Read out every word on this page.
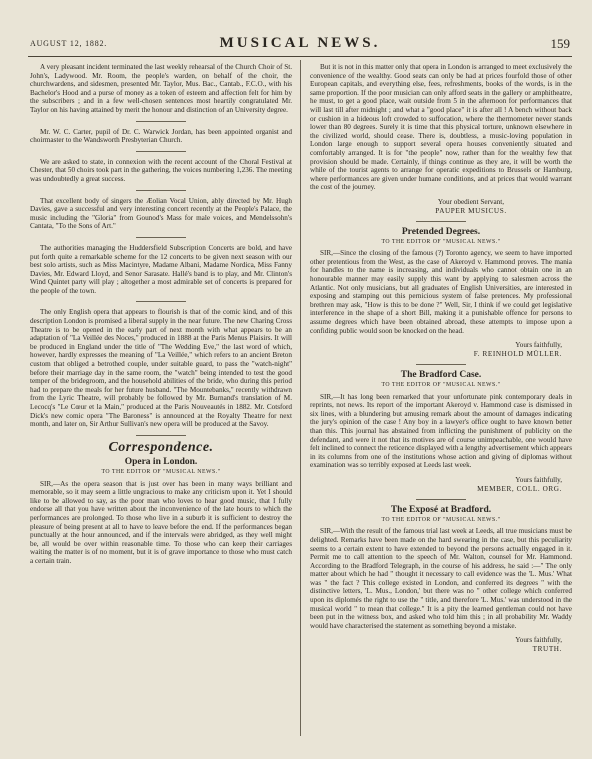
AUGUST 12, 1882.	MUSICAL NEWS.	159

A very pleasant incident terminated the last weekly rehearsal of the Church Choir of St. John's, Ladywood. Mr. Room, the people's warden, on behalf of the choir, the churchwardens, and sidesmen, presented Mr. Taylor, Mus. Bac., Cantab., F.C.O., with his Bachelor's Hood and a purse of money as a token of esteem and affection felt for him by the subscribers ; and in a few well-chosen sentences most heartily congratulated Mr. Taylor on his having attained by merit the honour and distinction of an University degree.

Mr. W. C. Carter, pupil of Dr. C. Warwick Jordan, has been appointed organist and choirmaster to the Wandsworth Presbyterian Church.

We are asked to state, in connexion with the recent account of the Choral Festival at Chester, that 50 choirs took part in the gathering, the voices numbering 1,236. The meeting was undoubtedly a great success.

That excellent body of singers the Æolian Vocal Union, ably directed by Mr. Hugh Davies, gave a successful and very interesting concert recently at the People's Palace, the music including the "Gloria" from Gounod's Mass for male voices, and Mendelssohn's Cantata, "To the Sons of Art."

The authorities managing the Huddersfield Subscription Concerts are bold, and have put forth quite a remarkable scheme for the 12 concerts to be given next season with our best solo artists, such as Miss Macintyre, Madame Albani, Madame Nordica, Miss Fanny Davies, Mr. Edward Lloyd, and Senor Sarasate. Hallé's band is to play, and Mr. Clinton's Wind Quintet party will play ; altogether a most admirable set of concerts is prepared for the people of the town.

The only English opera that appears to flourish is that of the comic kind, and of this description London is promised a liberal supply in the near future. The new Charing Cross Theatre is to be opened in the early part of next month with what appears to be an adaptation of "La Veillée des Noces," produced in 1888 at the Paris Menus Plaisirs. It will be produced in England under the title of "The Wedding Eve," the last word of which, however, hardly expresses the meaning of "La Veillée," which refers to an ancient Breton custom that obliged a betrothed couple, under suitable guard, to pass the "watch-night" before their marriage day in the same room, the "watch" being intended to test the good temper of the bridegroom, and the household abilities of the bride, who during this period had to prepare the meals for her future husband. "The Mountebanks," recently withdrawn from the Lyric Theatre, will probably be followed by Mr. Burnand's translation of M. Lecocq's "Le Cœur et la Main," produced at the Paris Nouveautés in 1882. Mr. Cotsford Dick's new comic opera "The Baroness" is announced at the Royalty Theatre for next month, and later on, Sir Arthur Sullivan's new opera will be produced at the Savoy.

Correspondence.
Opera in London.
TO THE EDITOR OF "MUSICAL NEWS."

SIR,—As the opera season that is just over has been in many ways brilliant and memorable, so it may seem a little ungracious to make any criticism upon it. Yet I should like to be allowed to say, as the poor man who loves to hear good music, that I fully endorse all that you have written about the inconvenience of the late hours to which the performances are prolonged. To those who live in a suburb it is sufficient to destroy the pleasure of being present at all to have to leave before the end. If the performances began punctually at the hour announced, and if the intervals were abridged, as they well might be, all would be over within reasonable time. To those who can keep their carriages waiting the matter is of no moment, but it is of grave importance to those who must catch a certain train.

But it is not in this matter only that opera in London is arranged to meet exclusively the convenience of the wealthy. Good seats can only be had at prices fourfold those of other European capitals, and everything else, fees, refreshments, books of the words, is in the same proportion. If the poor musician can only afford seats in the gallery or amphitheatre, he must, to get a good place, wait outside from 5 in the afternoon for performances that will last till after midnight ; and what a "good place" it is after all ! A bench without back or cushion in a hideous loft crowded to suffocation, where the thermometer never stands lower than 80 degrees. Surely it is time that this physical torture, unknown elsewhere in the civilized world, should cease. There is, doubtless, a music-loving population in London large enough to support several opera houses conveniently situated and comfortably arranged. It is for "the people" now, rather than for the wealthy few that provision should be made. Certainly, if things continue as they are, it will be worth the while of the tourist agents to arrange for operatic expeditions to Brussels or Hamburg, where performances are given under humane conditions, and at prices that would warrant the cost of the journey.

Your obedient Servant,
PAUPER MUSICUS.
Pretended Degrees.
TO THE EDITOR OF "MUSICAL NEWS."

SIR,—Since the closing of the famous (?) Toronto agency, we seem to have imported other pretentious from the West, as the case of Akeroyd v. Hammond proves. The mania for handles to the name is increasing, and individuals who cannot obtain one in an honourable manner may easily supply this want by applying to salesmen across the Atlantic. Not only musicians, but all graduates of English Universities, are interested in exposing and stamping out this pernicious system of false pretences. My professional brethren may ask, "How is this to be done ?" Well, Sir, I think if we could get legislative interference in the shape of a short Bill, making it a punishable offence for persons to assume degrees which have been obtained abroad, these attempts to impose upon a confiding public would soon be knocked on the head.

Yours faithfully,
F. REINHOLD MÜLLER.
The Bradford Case.
TO THE EDITOR OF "MUSICAL NEWS."

SIR,—It has long been remarked that your unfortunate pink contemporary deals in reprints, not news. Its report of the important Akeroyd v. Hammond case is dismissed in six lines, with a blundering but amusing remark about the amount of damages indicating the jury's opinion of the case ! Any boy in a lawyer's office ought to have known better than this. This journal has abstained from inflicting the punishment of publicity on the defendant, and were it not that its motives are of course unimpeachable, one would have felt inclined to connect the reticence displayed with a lengthy advertisement which appears in its columns from one of the institutions whose action and giving of diplomas without examination was so terribly exposed at Leeds last week.

Yours faithfully,
MEMBER, COLL. ORG.
The Exposé at Bradford.
TO THE EDITOR OF "MUSICAL NEWS."

SIR,—With the result of the famous trial last week at Leeds, all true musicians must be delighted. Remarks have been made on the hard swearing in the case, but this peculiarity seems to a certain extent to have extended to beyond the persons actually engaged in it. Permit me to call attention to the speech of Mr. Walton, counsel for Mr. Hammond. According to the Bradford Telegraph, in the course of his address, he said :—" The only matter about which he had " thought it necessary to call evidence was the 'L. Mus.' What was " the fact ? This college existed in London, and conferred its degrees " with the distinctive letters, 'L. Mus., London,' but there was no " other college which conferred upon its diplomés the right to use the " title, and therefore 'L. Mus.' was understood in the musical world " to mean that college." It is a pity the learned gentleman could not have been put in the witness box, and asked who told him this ; in all probability Mr. Waddy would have characterised the statement as something beyond a mistake.

Yours faithfully,
TRUTH.
